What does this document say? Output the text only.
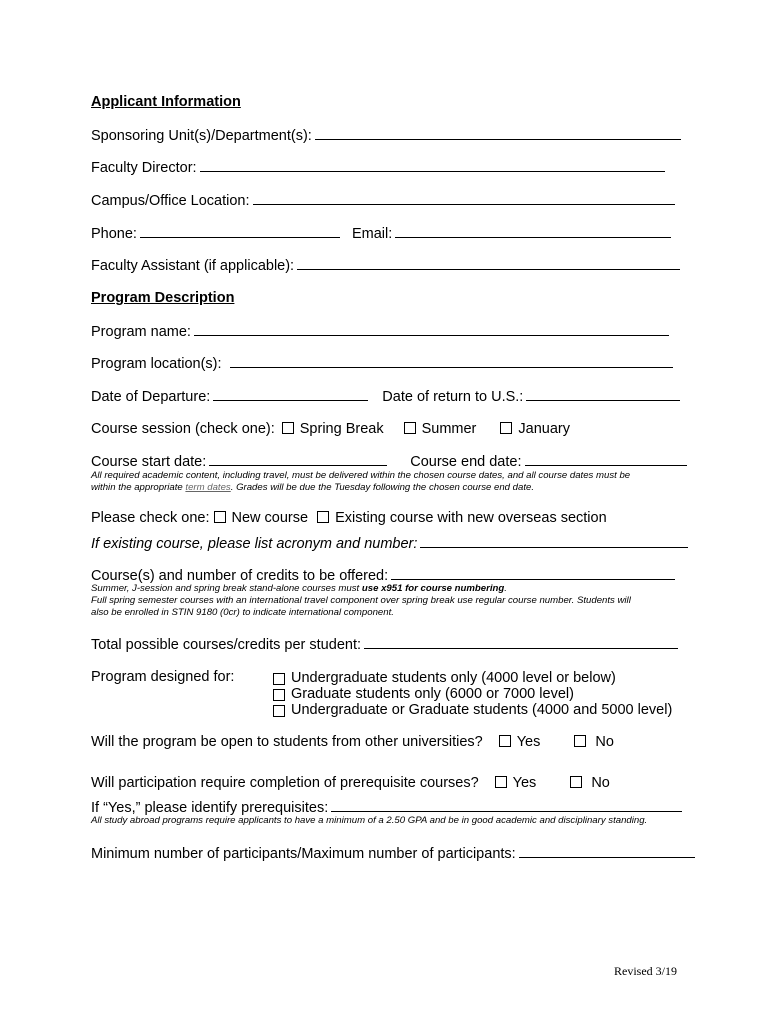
Applicant Information
Sponsoring Unit(s)/Department(s):
Faculty Director:
Campus/Office Location:
Phone:	Email:
Faculty Assistant (if applicable):
Program Description
Program name:
Program location(s):
Date of Departure:	Date of return to U.S.:
Course session (check one): Spring Break	Summer	January
Course start date:	Course end date:
All required academic content, including travel, must be delivered within the chosen course dates, and all course dates must be
within the appropriate term dates. Grades will be due the Tuesday following the chosen course end date.
Please check one: New course Existing course with new overseas section
If existing course, please list acronym and number:
Course(s) and number of credits to be offered:
Summer, J-session and spring break stand-alone courses must use x951 for course numbering.
Full spring semester courses with an international travel component over spring break use regular course number. Students will
also be enrolled in STIN 9180 (0cr) to indicate international component.
Total possible courses/credits per student:
Program designed for:	Undergraduate students only (4000 level or below)
Graduate students only (6000 or 7000 level)
Undergraduate or Graduate students (4000 and 5000 level)
Will the program be open to students from other universities? Yes	No
Will participation require completion of prerequisite courses? Yes	No
If “Yes,” please identify prerequisites:
All study abroad programs require applicants to have a minimum of a 2.50 GPA and be in good academic and disciplinary standing.
Minimum number of participants/Maximum number of participants:
Revised 3/19
